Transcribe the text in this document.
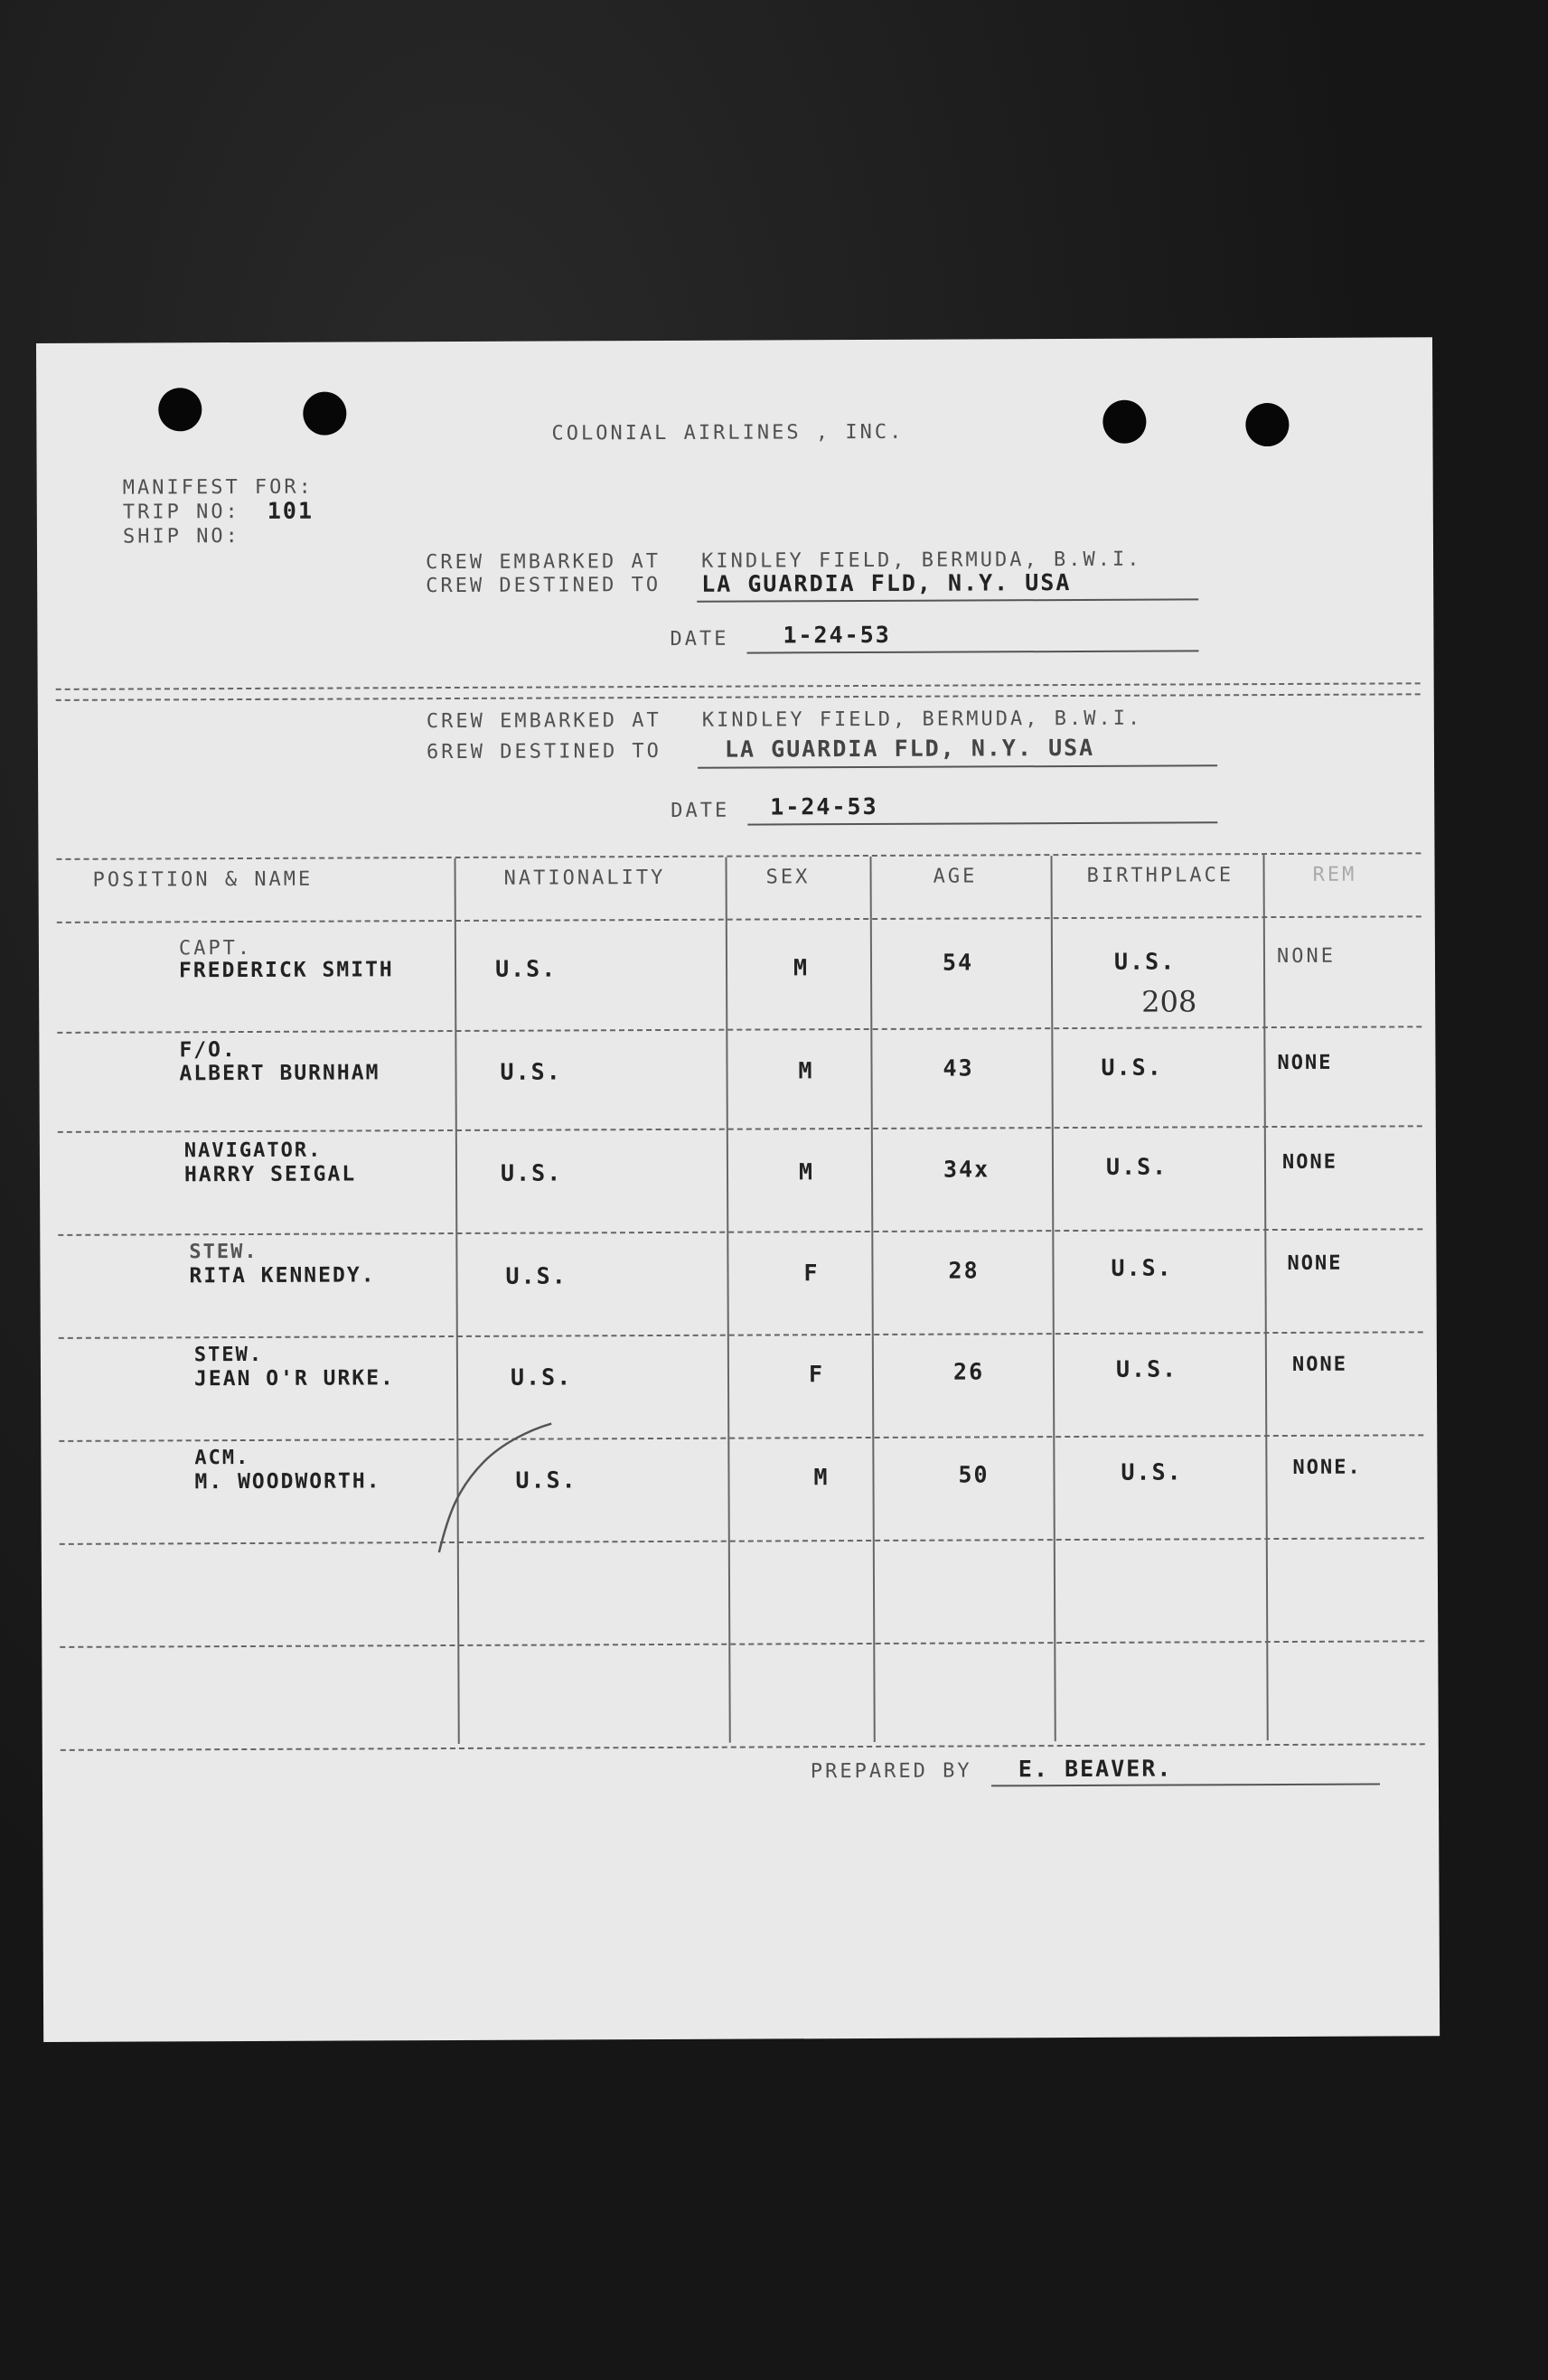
COLONIAL AIRLINES , INC.
MANIFEST FOR:
TRIP NO: 101
SHIP NO:
CREW EMBARKED AT KINDLEY FIELD, BERMUDA, B.W.I.
CREW DESTINED TO LA GUARDIA FLD, N.Y. USA
DATE 1-24-53
CREW EMBARKED AT KINDLEY FIELD, BERMUDA, B.W.I.
6REW DESTINED TO	LA GUARDIA FLD, N.Y. USA
DATE 1-24-53
POSITION & NAME	NATIONALITY	SEX	AGE	BIRTHPLACE	REM
CAPT.
FREDERICK SMITH	U.S.	M	54	U.S.	NONE
208
F/O.
ALBERT BURNHAM	U.S.	M	43	U.S.	NONE
NAVIGATOR.
HARRY SEIGAL	U.S.	M	34x	U.S.	NONE
STEW.
RITA KENNEDY.	U.S.	F	28	U.S.	NONE
STEW.
JEAN O'R URKE.	U.S.	F	26	U.S.	NONE
ACM.
M. WOODWORTH.	U.S.	M	50	U.S.	NONE.
PREPARED BY E. BEAVER.
